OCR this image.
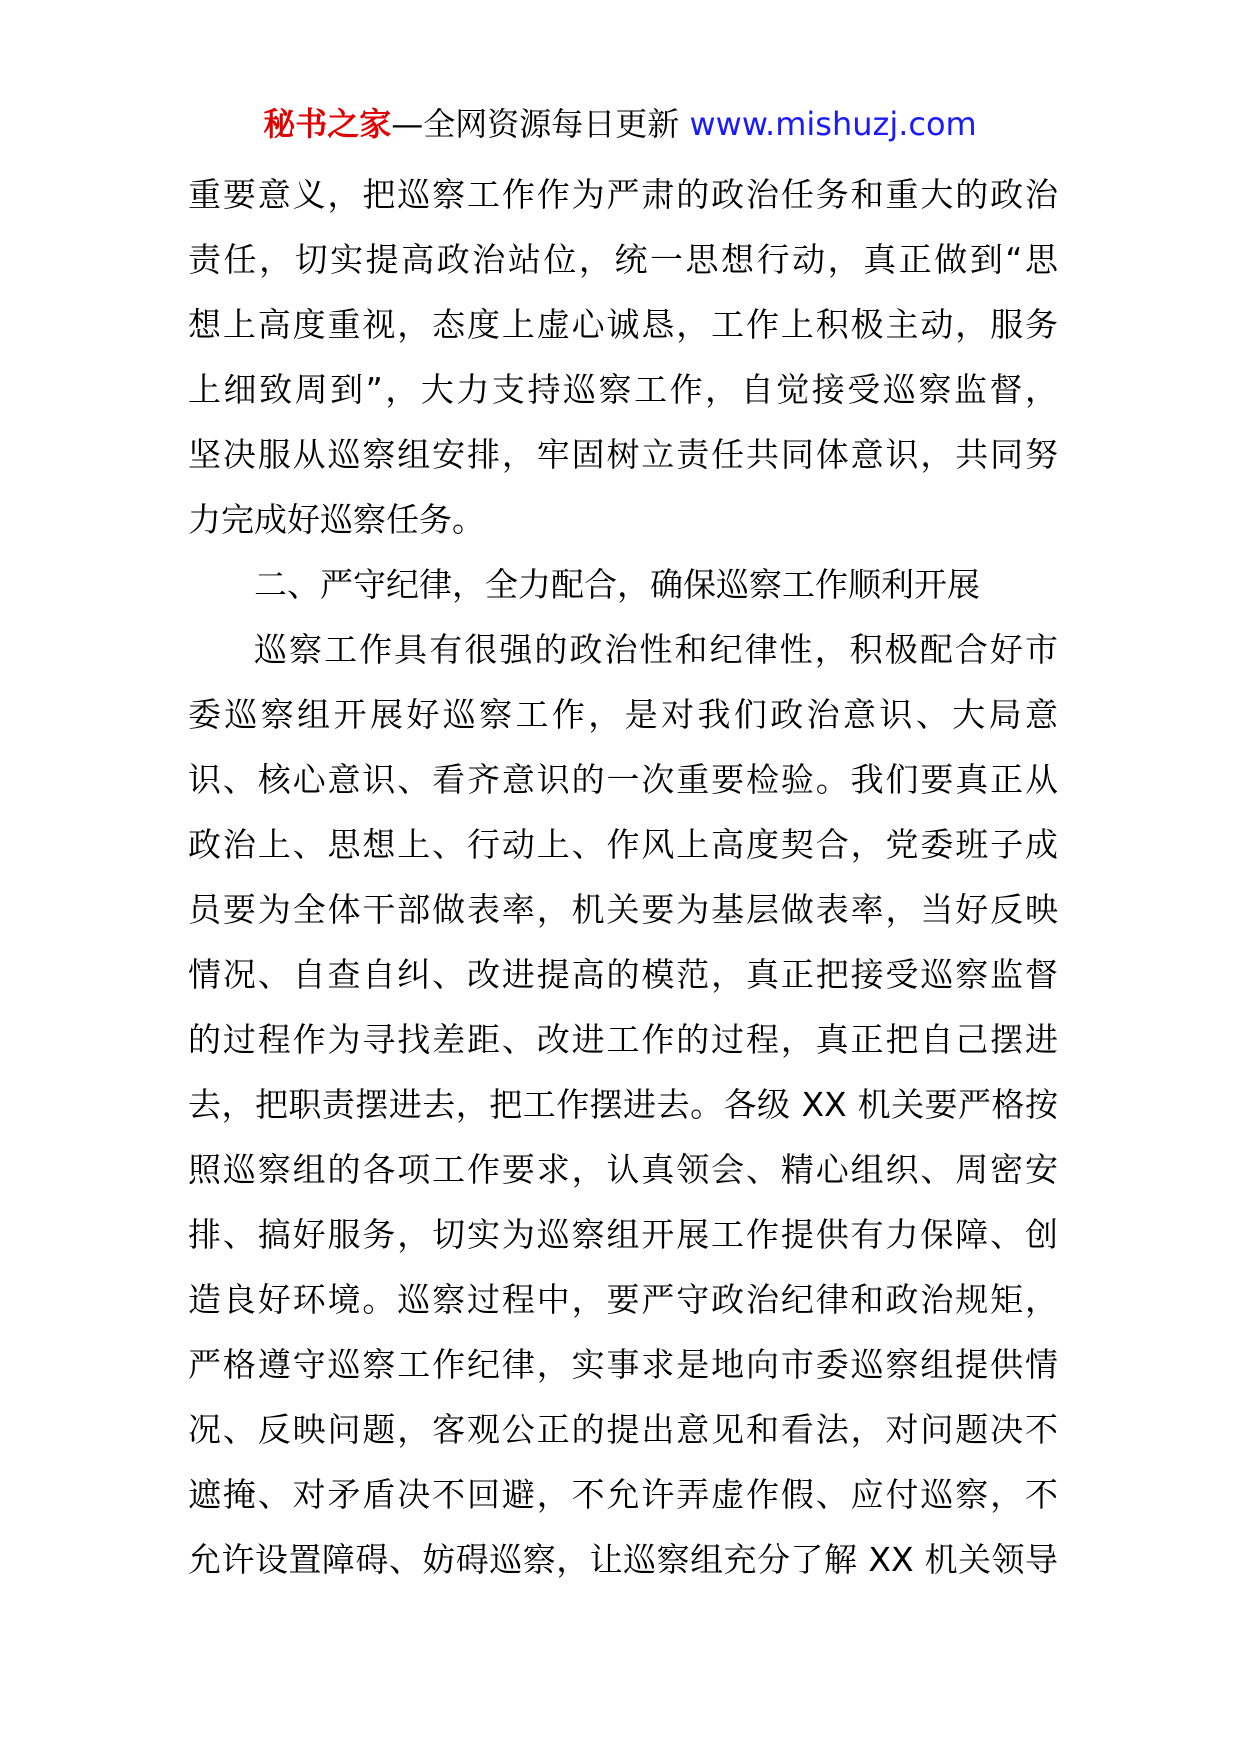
秘书之家—全网资源每日更新 www.mishuzj.com
重要意义，把巡察工作作为严肃的政治任务和重大的政治
责任，切实提高政治站位，统一思想行动，真正做到“思
想上高度重视，态度上虚心诚恳，工作上积极主动，服务
上细致周到”，大力支持巡察工作，自觉接受巡察监督，
坚决服从巡察组安排，牢固树立责任共同体意识，共同努
力完成好巡察任务。
二、严守纪律，全力配合，确保巡察工作顺利开展
巡察工作具有很强的政治性和纪律性，积极配合好市
委巡察组开展好巡察工作，是对我们政治意识、大局意
识、核心意识、看齐意识的一次重要检验。我们要真正从
政治上、思想上、行动上、作风上高度契合，党委班子成
员要为全体干部做表率，机关要为基层做表率，当好反映
情况、自查自纠、改进提高的模范，真正把接受巡察监督
的过程作为寻找差距、改进工作的过程，真正把自己摆进
去，把职责摆进去，把工作摆进去。各级 XX 机关要严格按
照巡察组的各项工作要求，认真领会、精心组织、周密安
排、搞好服务，切实为巡察组开展工作提供有力保障、创
造良好环境。巡察过程中，要严守政治纪律和政治规矩，
严格遵守巡察工作纪律，实事求是地向市委巡察组提供情
况、反映问题，客观公正的提出意见和看法，对问题决不
遮掩、对矛盾决不回避，不允许弄虚作假、应付巡察，不
允许设置障碍、妨碍巡察，让巡察组充分了解 XX 机关领导
